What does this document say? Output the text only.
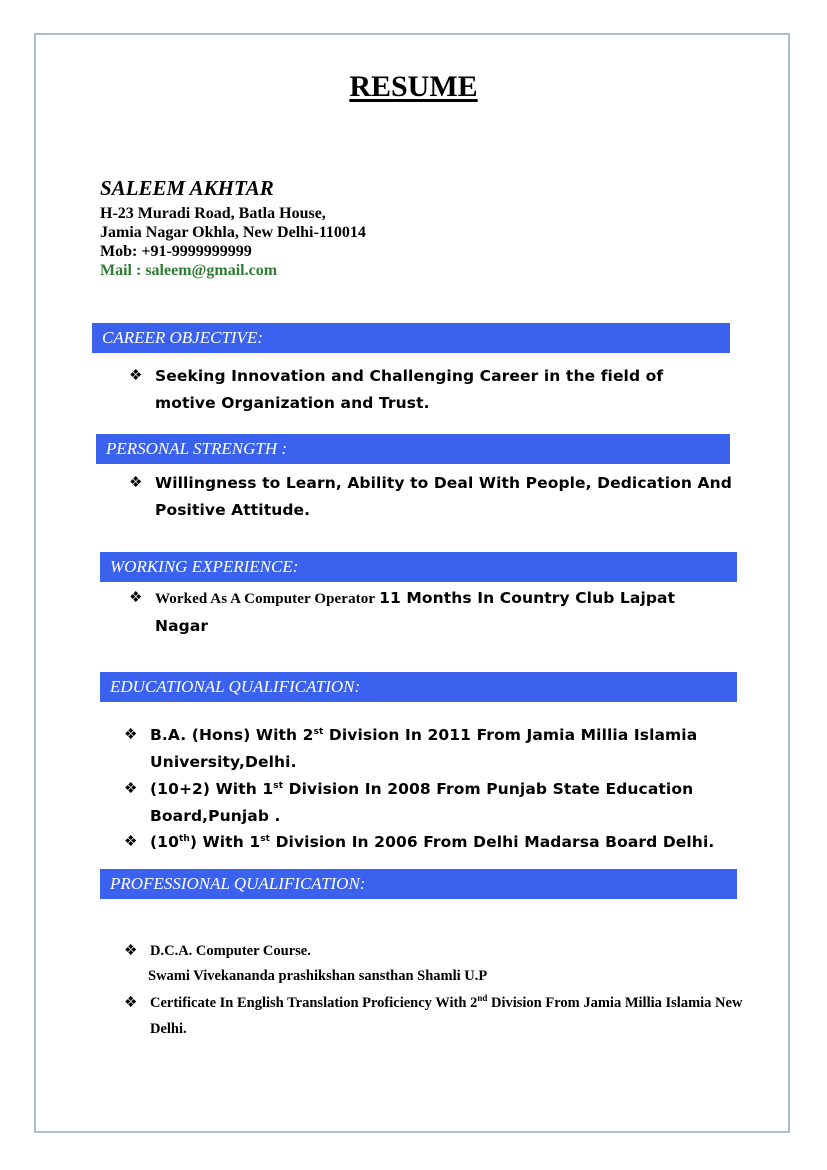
RESUME
SALEEM AKHTAR
H-23 Muradi Road, Batla House,
Jamia Nagar Okhla, New Delhi-110014
Mob: +91-9999999999
Mail : saleem@gmail.com
CAREER OBJECTIVE:
❖ Seeking Innovation and Challenging Career in the field of motive Organization and Trust.
PERSONAL STRENGTH :
❖ Willingness to Learn, Ability to Deal With People, Dedication And Positive Attitude.
WORKING EXPERIENCE:
❖ Worked As A Computer Operator 11 Months In Country Club Lajpat Nagar
EDUCATIONAL QUALIFICATION:
❖ B.A. (Hons) With 2st Division In 2011 From Jamia Millia Islamia University,Delhi.
❖ (10+2) With 1st Division In 2008 From Punjab State Education Board,Punjab .
❖ (10th) With 1st Division In 2006 From Delhi Madarsa Board Delhi.
PROFESSIONAL QUALIFICATION:
❖ D.C.A. Computer Course.
Swami Vivekananda prashikshan sansthan Shamli U.P
❖ Certificate In English Translation Proficiency With 2nd Division From Jamia Millia Islamia New Delhi.
